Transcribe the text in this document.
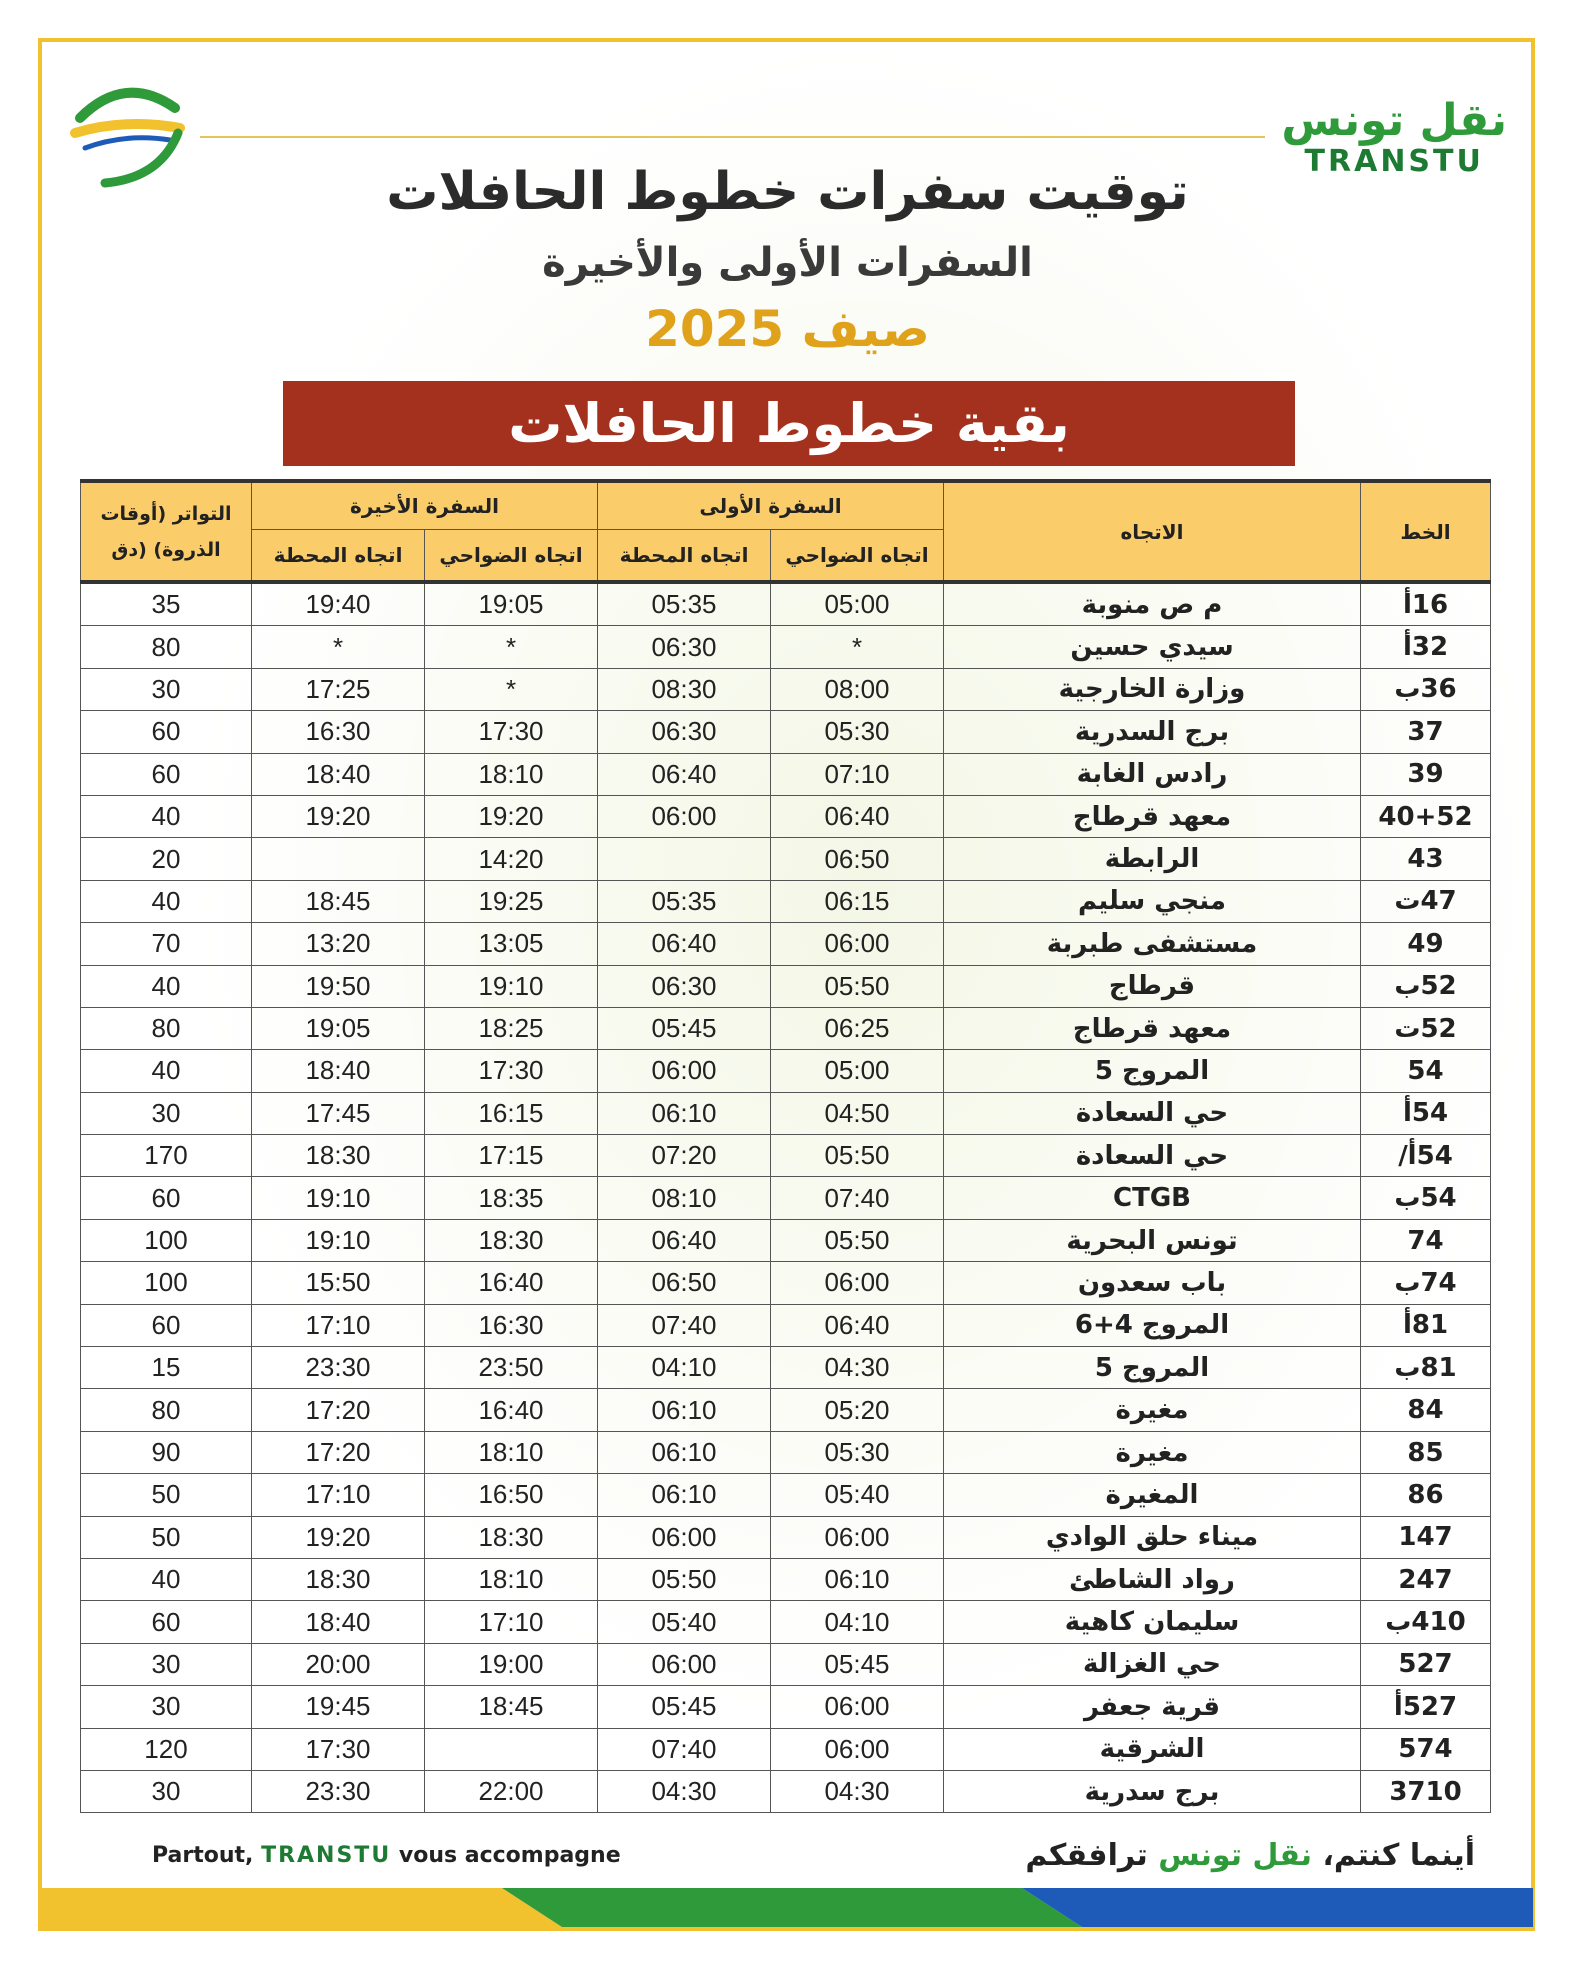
نقل تونس
TRANSTU
توقيت سفرات خطوط الحافلات
السفرات الأولى والأخيرة
صيف 2025
بقية خطوط الحافلات
الخط	الاتجاه	السفرة الأولى		السفرة الأخيرة		التواتر (أوقات الذروة) (دق
		اتجاه الضواحي	اتجاه المحطة	اتجاه الضواحي	اتجاه المحطة	
16أ	م ص منوبة	05:00	05:35	19:05	19:40	35
32أ	سيدي حسين	*	06:30	*	*	80
36ب	وزارة الخارجية	08:00	08:30	*	17:25	30
37	برج السدرية	05:30	06:30	17:30	16:30	60
39	رادس الغابة	07:10	06:40	18:10	18:40	60
40+52	معهد قرطاج	06:40	06:00	19:20	19:20	40
43	الرابطة	06:50		14:20		20
47ت	منجي سليم	06:15	05:35	19:25	18:45	40
49	مستشفى طبربة	06:00	06:40	13:05	13:20	70
52ب	قرطاج	05:50	06:30	19:10	19:50	40
52ت	معهد قرطاج	06:25	05:45	18:25	19:05	80
54	المروج 5	05:00	06:00	17:30	18:40	40
54أ	حي السعادة	04:50	06:10	16:15	17:45	30
54أ/	حي السعادة	05:50	07:20	17:15	18:30	170
54ب	CTGB	07:40	08:10	18:35	19:10	60
74	تونس البحرية	05:50	06:40	18:30	19:10	100
74ب	باب سعدون	06:00	06:50	16:40	15:50	100
81أ	المروج 4+6	06:40	07:40	16:30	17:10	60
81ب	المروج 5	04:30	04:10	23:50	23:30	15
84	مغيرة	05:20	06:10	16:40	17:20	80
85	مغيرة	05:30	06:10	18:10	17:20	90
86	المغيرة	05:40	06:10	16:50	17:10	50
147	ميناء حلق الوادي	06:00	06:00	18:30	19:20	50
247	رواد الشاطئ	06:10	05:50	18:10	18:30	40
410ب	سليمان كاهية	04:10	05:40	17:10	18:40	60
527	حي الغزالة	05:45	06:00	19:00	20:00	30
527أ	قرية جعفر	06:00	05:45	18:45	19:45	30
574	الشرقية	06:00	07:40		17:30	120
3710	برج سدرية	04:30	04:30	22:00	23:30	30
Partout, TRANSTU vous accompagne	أينما كنتم، نقل تونس ترافقكم
